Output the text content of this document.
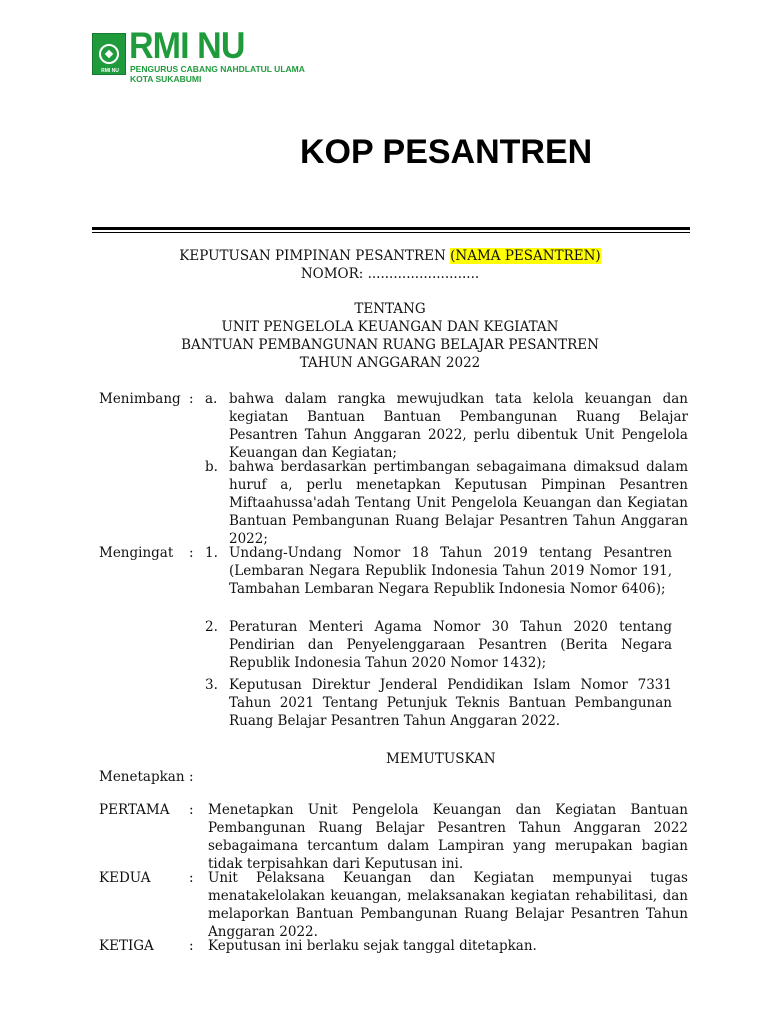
RMI NU
RMI NU
PENGURUS CABANG NAHDLATUL ULAMA
KOTA SUKABUMI
KOP PESANTREN
KEPUTUSAN PIMPINAN PESANTREN (NAMA PESANTREN)
NOMOR: ..........................
TENTANG
UNIT PENGELOLA KEUANGAN DAN KEGIATAN
BANTUAN PEMBANGUNAN RUANG BELAJAR PESANTREN
TAHUN ANGGARAN 2022
Menimbang : a. bahwa dalam rangka mewujudkan tata kelola keuangan dan kegiatan Bantuan Bantuan Pembangunan Ruang Belajar Pesantren Tahun Anggaran 2022, perlu dibentuk Unit Pengelola Keuangan dan Kegiatan;
b. bahwa berdasarkan pertimbangan sebagaimana dimaksud dalam huruf a, perlu menetapkan Keputusan Pimpinan Pesantren Miftaahussa'adah Tentang Unit Pengelola Keuangan dan Kegiatan Bantuan Pembangunan Ruang Belajar Pesantren Tahun Anggaran 2022;
Mengingat	: 1. Undang-Undang Nomor 18 Tahun 2019 tentang Pesantren (Lembaran Negara Republik Indonesia Tahun 2019 Nomor 191, Tambahan Lembaran Negara Republik Indonesia Nomor 6406);
2. Peraturan Menteri Agama Nomor 30 Tahun 2020 tentang Pendirian dan Penyelenggaraan Pesantren (Berita Negara Republik Indonesia Tahun 2020 Nomor 1432);
3. Keputusan Direktur Jenderal Pendidikan Islam Nomor 7331 Tahun 2021 Tentang Petunjuk Teknis Bantuan Pembangunan Ruang Belajar Pesantren Tahun Anggaran 2022.
MEMUTUSKAN
Menetapkan :
PERTAMA	: Menetapkan Unit Pengelola Keuangan dan Kegiatan Bantuan Pembangunan Ruang Belajar Pesantren Tahun Anggaran 2022 sebagaimana tercantum dalam Lampiran yang merupakan bagian tidak terpisahkan dari Keputusan ini.
KEDUA	: Unit Pelaksana Keuangan dan Kegiatan mempunyai tugas menatakelolakan keuangan, melaksanakan kegiatan rehabilitasi, dan melaporkan Bantuan Pembangunan Ruang Belajar Pesantren Tahun Anggaran 2022.
KETIGA	: Keputusan ini berlaku sejak tanggal ditetapkan.
